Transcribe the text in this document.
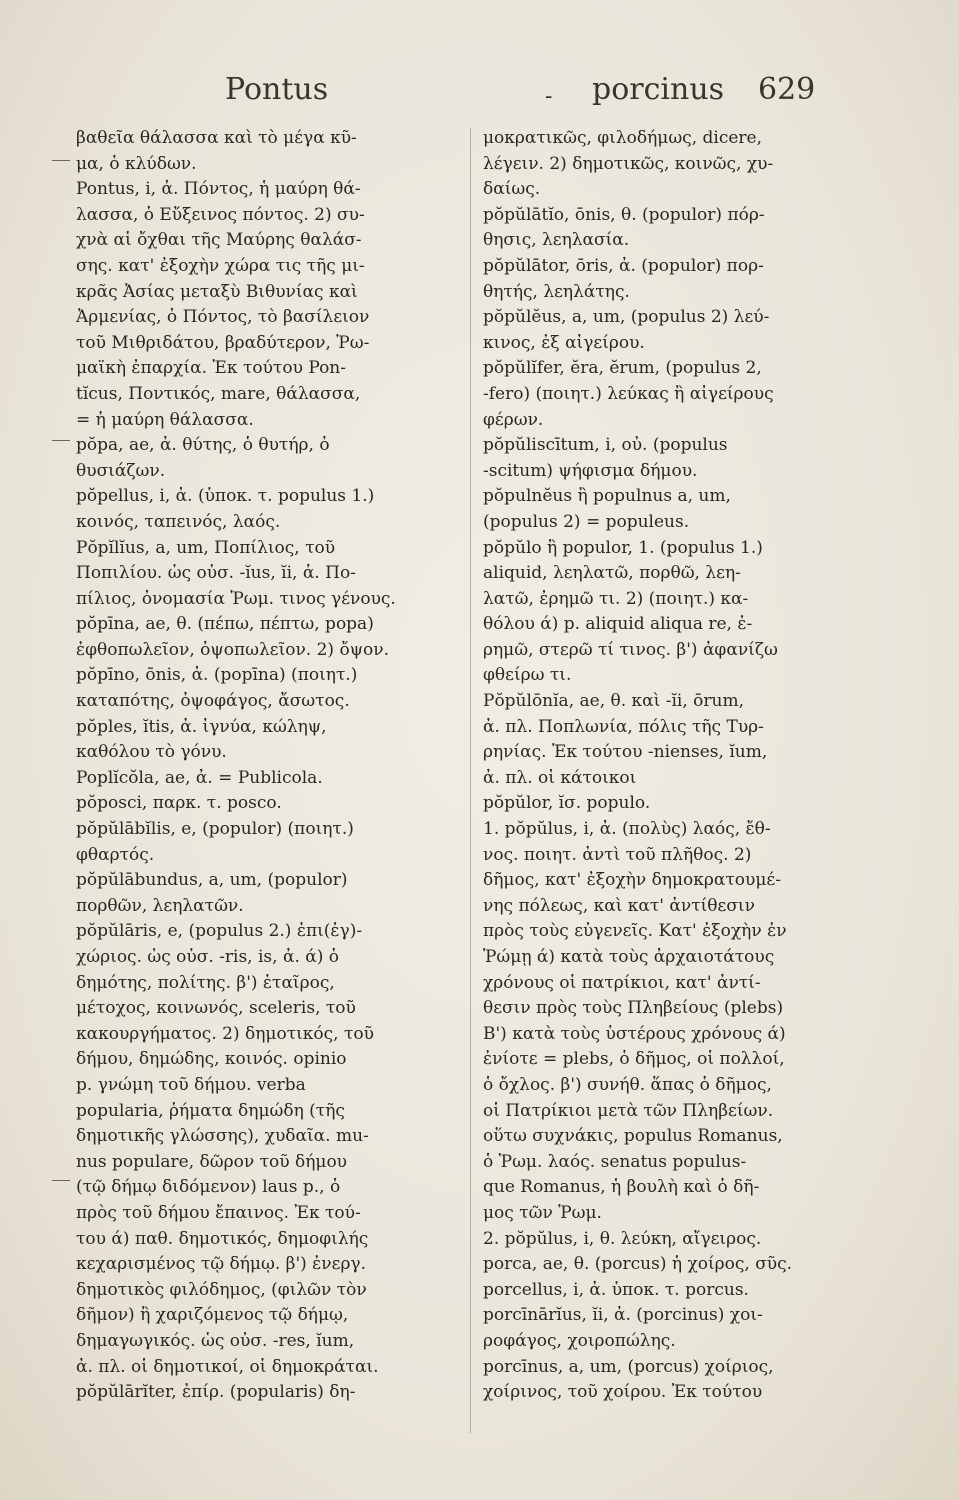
Pontus	- porcinus 629
βαθεῖα θάλασσα καὶ τὸ μέγα κῦ-
μα, ὁ κλύδων.
Pontus, i, ἀ. Πόντος, ἡ μαύρη θά-
λασσα, ὁ Εὔξεινος πόντος. 2) συ-
χνὰ αἱ ὄχθαι τῆς Μαύρης θαλάσ-
σης. κατ' ἐξοχὴν χώρα τις τῆς μι-
κρᾶς Ἀσίας μεταξὺ Βιθυνίας καὶ
Ἀρμενίας, ὁ Πόντος, τὸ βασίλειον
τοῦ Μιθριδάτου, βραδύτερον, Ῥω-
μαϊκὴ ἐπαρχία. Ἐκ τούτου Pon-
tĭcus, Ποντικός, mare, θάλασσα,
= ἡ μαύρη θάλασσα.
pŏpa, ae, ἀ. θύτης, ὁ θυτήρ, ὁ
θυσιάζων.
pŏpellus, i, ἀ. (ὑποκ. τ. populus 1.)
κοινός, ταπεινός, λαός.
Pŏpĭlĭus, a, um, Ποπίλιος, τοῦ
Ποπιλίου. ὡς οὐσ. -ĭus, ĭi, ἀ. Πο-
πίλιος, ὀνομασία Ῥωμ. τινος γένους.
pŏpīna, ae, θ. (πέπω, πέπτω, popa)
ἐφθοπωλεῖον, ὀψοπωλεῖον. 2) ὄψον.
pŏpīno, ōnis, ἀ. (popīna) (ποιητ.)
καταπότης, ὀψοφάγος, ἄσωτος.
pŏples, ĭtis, ἀ. ἰγνύα, κώληψ,
καθόλου τὸ γόνυ.
Poplĭcŏla, ae, ἀ. = Publicola.
pŏposci, παρκ. τ. posco.
pŏpŭlābĭlis, e, (populor) (ποιητ.)
φθαρτός.
pŏpŭlābundus, a, um, (populor)
πορθῶν, λεηλατῶν.
pŏpŭlāris, e, (populus 2.) ἐπι(ἐγ)-
χώριος. ὡς οὐσ. -ris, is, ἀ. ά) ὁ
δημότης, πολίτης. β') ἑταῖρος,
μέτοχος, κοινωνός, sceleris, τοῦ
κακουργήματος. 2) δημοτικός, τοῦ
δήμου, δημώδης, κοινός. opinio
p. γνώμη τοῦ δήμου. verba
popularia, ῥήματα δημώδη (τῆς
δημοτικῆς γλώσσης), χυδαῖα. mu-
nus populare, δῶρον τοῦ δήμου
(τῷ δήμῳ διδόμενον) laus p., ὁ
πρὸς τοῦ δήμου ἔπαινος. Ἐκ τού-
του ά) παθ. δημοτικός, δημοφιλής
κεχαρισμένος τῷ δήμῳ. β') ἐνεργ.
δημοτικὸς φιλόδημος, (φιλῶν τὸν
δῆμον) ἢ χαριζόμενος τῷ δήμῳ,
δημαγωγικός. ὡς οὐσ. -res, ĭum,
ἀ. πλ. οἱ δημοτικοί, οἱ δημοκράται.
pŏpŭlārĭter, ἐπίρ. (popularis) δη-
μοκρατικῶς, φιλοδήμως, dicere,
λέγειν. 2) δημοτικῶς, κοινῶς, χυ-
δαίως.
pŏpŭlātĭo, ōnis, θ. (populor) πόρ-
θησις, λεηλασία.
pŏpŭlātor, ōris, ἀ. (populor) πορ-
θητής, λεηλάτης.
pŏpŭlĕus, a, um, (populus 2) λεύ-
κινος, ἐξ αἰγείρου.
pŏpŭlĭfer, ĕra, ĕrum, (populus 2,
-fero) (ποιητ.) λεύκας ἢ αἰγείρους
φέρων.
pŏpŭliscītum, i, οὐ. (populus
-scitum) ψήφισμα δήμου.
pŏpulnĕus ἢ populnus a, um,
(populus 2) = populeus.
pŏpŭlo ἢ populor, 1. (populus 1.)
aliquid, λεηλατῶ, πορθῶ, λεη-
λατῶ, ἐρημῶ τι. 2) (ποιητ.) κα-
θόλου ά) p. aliquid aliqua re, ἐ-
ρημῶ, στερῶ τί τινος. β') ἀφανίζω
φθείρω τι.
Pŏpŭlōnĭa, ae, θ. καὶ -ĭi, ōrum,
ἀ. πλ. Ποπλωνία, πόλις τῆς Τυρ-
ρηνίας. Ἐκ τούτου -nienses, ĭum,
ἀ. πλ. οἱ κάτοικοι
pŏpŭlor, ĭσ. populo.
1. pŏpŭlus, i, ἀ. (πολὺς) λαός, ἔθ-
νος. ποιητ. ἀντὶ τοῦ πλῆθος. 2)
δῆμος, κατ' ἐξοχὴν δημοκρατουμέ-
νης πόλεως, καὶ κατ' ἀντίθεσιν
πρὸς τοὺς εὐγενεῖς. Κατ' ἐξοχὴν ἐν
Ῥώμῃ ά) κατὰ τοὺς ἀρχαιοτάτους
χρόνους οἱ πατρίκιοι, κατ' ἀντί-
θεσιν πρὸς τοὺς Πληβείους (plebs)
Β') κατὰ τοὺς ὑστέρους χρόνους ά)
ἐνίοτε = plebs, ὁ δῆμος, οἱ πολλοί,
ὁ ὄχλος. β') συνήθ. ἅπας ὁ δῆμος,
οἱ Πατρίκιοι μετὰ τῶν Πληβείων.
οὕτω συχνάκις, populus Romanus,
ὁ Ῥωμ. λαός. senatus populus-
que Romanus, ἡ βουλὴ καὶ ὁ δῆ-
μος τῶν Ῥωμ.
2. pŏpŭlus, i, θ. λεύκη, αἴγειρος.
porca, ae, θ. (porcus) ἡ χοίρος, σῦς.
porcellus, i, ἀ. ὑποκ. τ. porcus.
porcīnārĭus, ĭi, ἀ. (porcinus) χοι-
ροφάγος, χοιροπώλης.
porcīnus, a, um, (porcus) χοίριος,
χοίρινος, τοῦ χοίρου. Ἐκ τούτου
